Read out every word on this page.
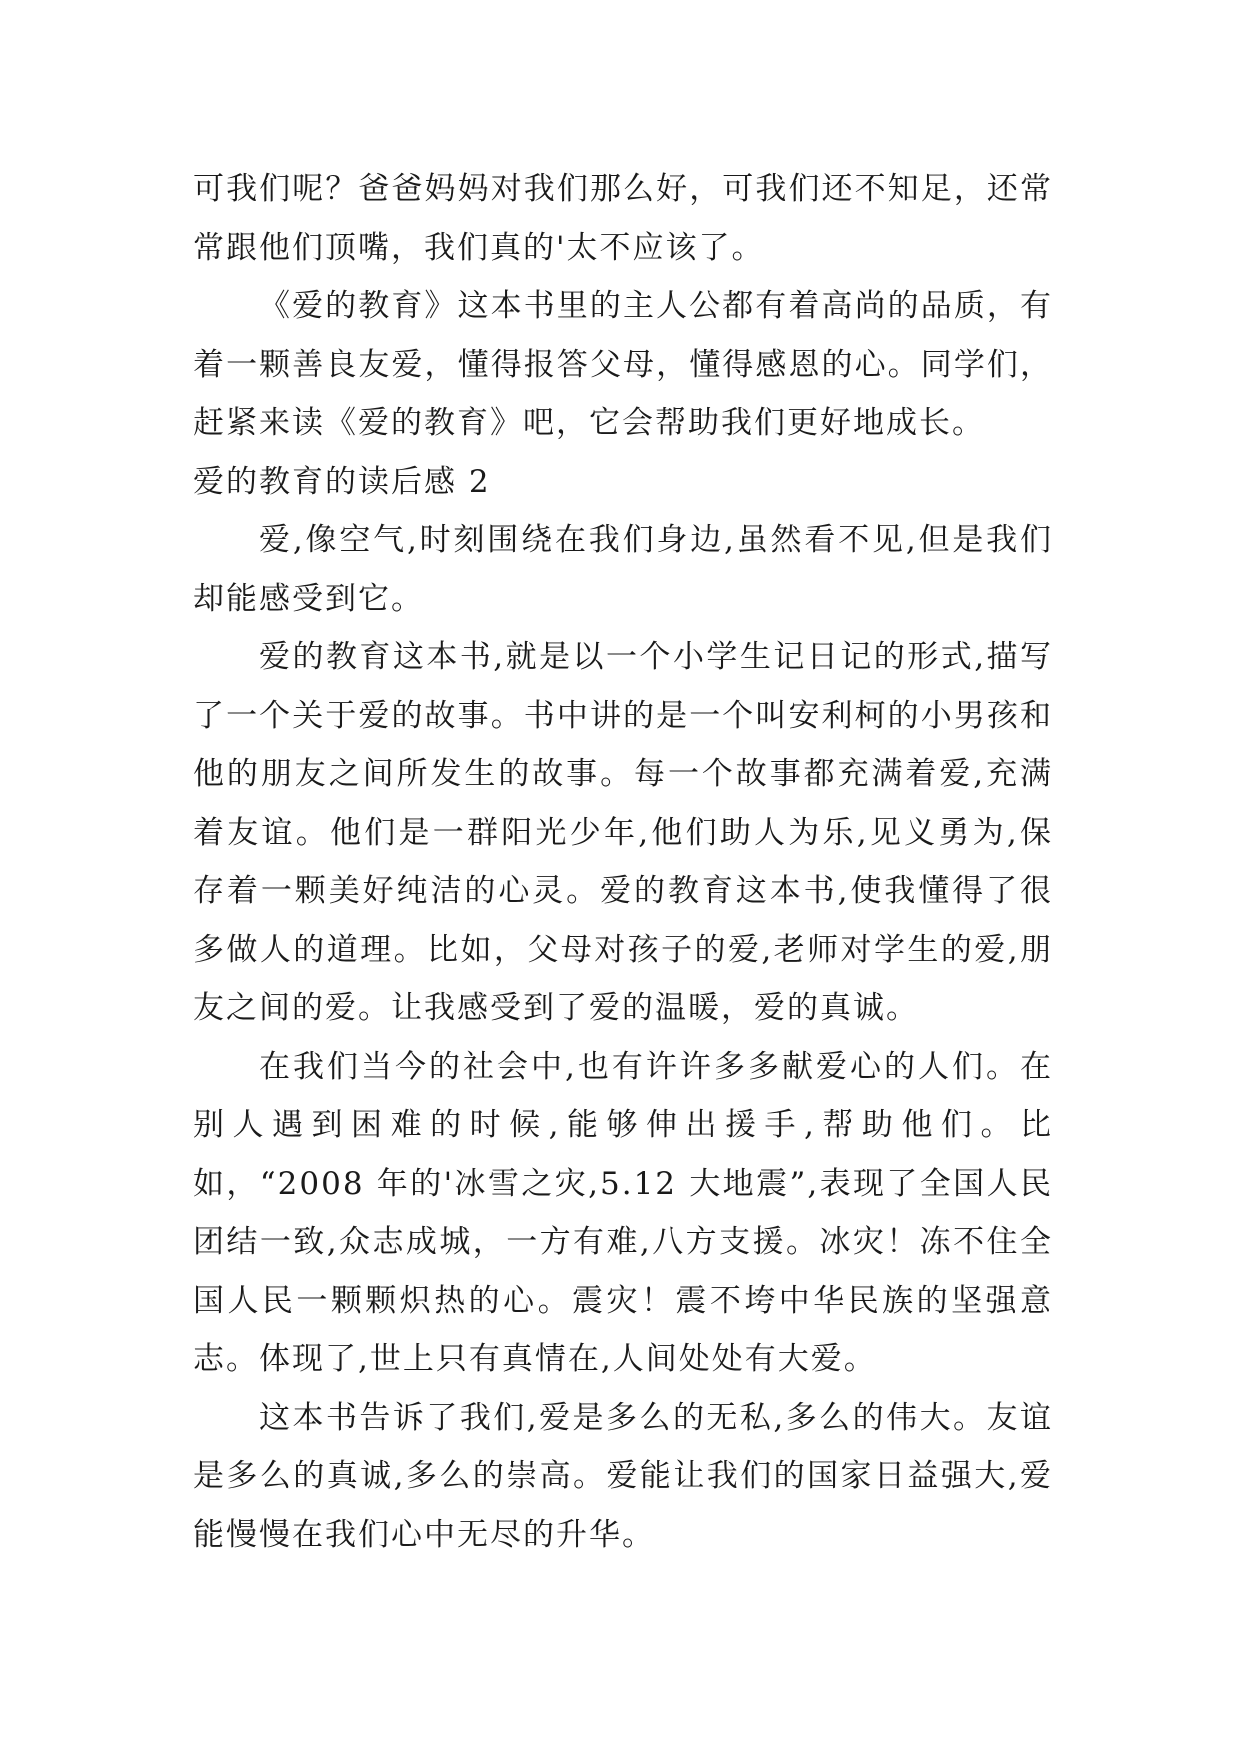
可我们呢？爸爸妈妈对我们那么好，可我们还不知足，还常常跟他们顶嘴，我们真的'太不应该了。

《爱的教育》这本书里的主人公都有着高尚的品质，有着一颗善良友爱，懂得报答父母，懂得感恩的心。同学们，赶紧来读《爱的教育》吧，它会帮助我们更好地成长。

爱的教育的读后感 2

爱,像空气,时刻围绕在我们身边,虽然看不见,但是我们却能感受到它。

爱的教育这本书,就是以一个小学生记日记的形式,描写了一个关于爱的故事。书中讲的是一个叫安利柯的小男孩和他的朋友之间所发生的故事。每一个故事都充满着爱,充满着友谊。他们是一群阳光少年,他们助人为乐,见义勇为,保存着一颗美好纯洁的心灵。爱的教育这本书,使我懂得了很多做人的道理。比如，父母对孩子的爱,老师对学生的爱,朋友之间的爱。让我感受到了爱的温暖，爱的真诚。

在我们当今的社会中,也有许许多多献爱心的人们。在别人遇到困难的时候,能够伸出援手,帮助他们。比如，“2008 年的'冰雪之灾,5.12 大地震”,表现了全国人民团结一致,众志成城，一方有难,八方支援。冰灾！冻不住全国人民一颗颗炽热的心。震灾！震不垮中华民族的坚强意志。体现了,世上只有真情在,人间处处有大爱。

这本书告诉了我们,爱是多么的无私,多么的伟大。友谊是多么的真诚,多么的崇高。爱能让我们的国家日益强大,爱能慢慢在我们心中无尽的升华。
